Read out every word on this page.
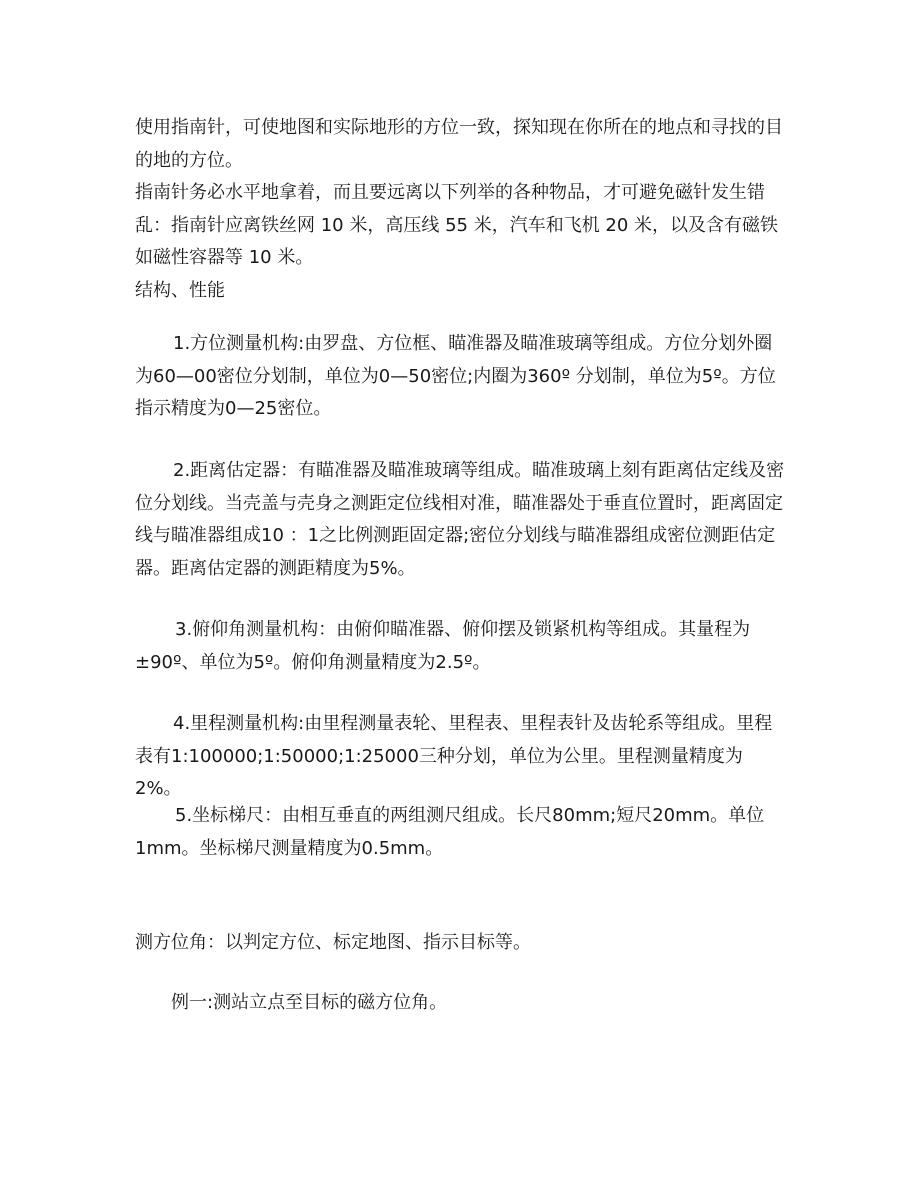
使用指南针，可使地图和实际地形的方位一致，探知现在你所在的地点和寻找的目的地的方位。

指南针务必水平地拿着，而且要远离以下列举的各种物品，才可避免磁针发生错乱：指南针应离铁丝网 10 米，高压线 55 米，汽车和飞机 20 米，以及含有磁铁如磁性容器等 10 米。

结构、性能

1.方位测量机构:由罗盘、方位框、瞄准器及瞄准玻璃等组成。方位分划外圈为60—00密位分划制，单位为0—50密位;内圈为360º 分划制，单位为5º。方位指示精度为0—25密位。

2.距离估定器：有瞄准器及瞄准玻璃等组成。瞄准玻璃上刻有距离估定线及密位分划线。当壳盖与壳身之测距定位线相对准，瞄准器处于垂直位置时，距离固定线与瞄准器组成10 ：1之比例测距固定器;密位分划线与瞄准器组成密位测距估定器。距离估定器的测距精度为5%。

3.俯仰角测量机构：由俯仰瞄准器、俯仰摆及锁紧机构等组成。其量程为±90º、单位为5º。俯仰角测量精度为2.5º。

4.里程测量机构:由里程测量表轮、里程表、里程表针及齿轮系等组成。里程表有1:100000;1:50000;1:25000三种分划，单位为公里。里程测量精度为2%。

5.坐标梯尺：由相互垂直的两组测尺组成。长尺80mm;短尺20mm。单位1mm。坐标梯尺测量精度为0.5mm。

测方位角：以判定方位、标定地图、指示目标等。

例一:测站立点至目标的磁方位角。
